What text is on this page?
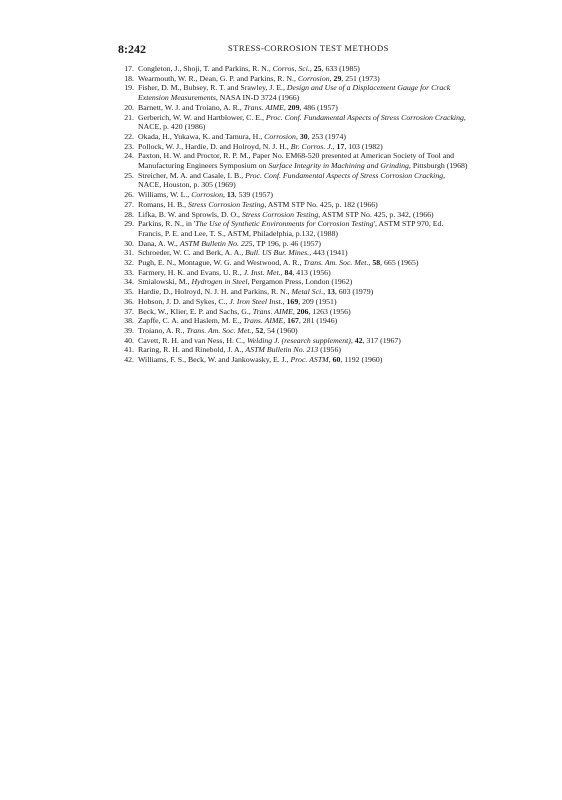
8:242	STRESS-CORROSION TEST METHODS
17. Congleton, J., Shoji, T. and Parkins, R. N., Corros, Sci., 25, 633 (1985)
18. Wearmouth, W. R., Dean, G. P. and Parkins, R. N., Corrosion, 29, 251 (1973)
19. Fisher, D. M., Bubsey, R. T. and Srawley, J. E., Design and Use of a Displacement Gauge for Crack Extension Measurements, NASA IN-D 3724 (1966)
20. Barnett, W. J. and Troiano, A. R., Trans. AIME, 209, 486 (1957)
21. Gerberich, W. W. and Hartblower, C. E., Proc. Conf. Fundamental Aspects of Stress Corrosion Cracking, NACE, p. 420 (1986)
22. Okada, H., Yukawa, K. and Tamura, H., Corrosion, 30, 253 (1974)
23. Pollock, W. J., Hardie, D. and Holroyd, N. J. H., Br. Corros. J., 17, 103 (1982)
24. Paxton, H. W. and Proctor, R. P. M., Paper No. EM68-520 presented at American Society of Tool and Manufacturing Engineers Symposium on Surface Integrity in Machining and Grinding, Pittsburgh (1968)
25. Streicher, M. A. and Casale, I. B., Proc. Conf. Fundamental Aspects of Stress Corrosion Cracking, NACE, Houston, p. 305 (1969)
26. Williams, W. L., Corrosion, 13, 539 (1957)
27. Romans, H. B., Stress Corrosion Testing, ASTM STP No. 425, p. 182 (1966)
28. Lifka, B. W. and Sprowls, D. O., Stress Corrosion Testing, ASTM STP No. 425, p. 342, (1966)
29. Parkins, R. N., in 'The Use of Synthetic Environments for Corrosion Testing', ASTM STP 970, Ed. Francis, P. E. and Lee, T. S., ASTM, Philadelphia, p.132, (1988)
30. Dana, A. W., ASTM Bulletin No. 225, TP 196, p. 46 (1957)
31. Schroeder, W. C. and Berk, A. A., Bull. US Bur. Mines., 443 (1941)
32. Pugh, E. N., Montague, W. G. and Westwood, A. R., Trans. Am. Soc. Met., 58, 665 (1965)
33. Farmery, H. K. and Evans, U. R., J. Inst. Met., 84, 413 (1956)
34. Smialowski, M., Hydrogen in Steel, Pergamon Press, London (1962)
35. Hardie, D., Holroyd, N. J. H. and Parkins, R. N., Metal Sci., 13, 603 (1979)
36. Hobson, J. D. and Sykes, C., J. Iron Steel Inst., 169, 209 (1951)
37. Beck, W., Klier, E. P. and Sachs, G., Trans. AIME, 206, 1263 (1956)
38. Zapffe, C. A. and Haslem, M. E., Trans. AIME, 167, 281 (1946)
39. Troiano, A. R., Trans. Am. Soc. Met., 52, 54 (1960)
40. Cavett, R. H. and van Ness, H. C., Welding J. (research supplement), 42, 317 (1967)
41. Raring, R. H. and Rinebold, J. A., ASTM Bulletin No. 213 (1956)
42. Williams, F. S., Beck, W. and Jankowasky, E. J., Proc. ASTM, 60, 1192 (1960)
